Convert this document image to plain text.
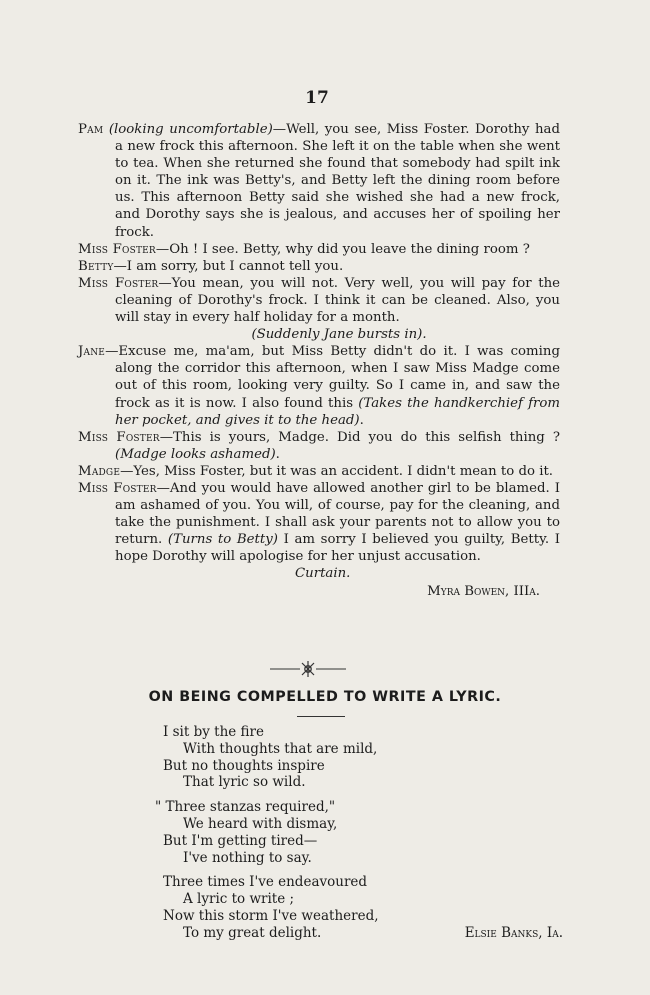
17

Pam (looking uncomfortable)—Well, you see, Miss Foster. Dorothy had a new frock this afternoon. She left it on the table when she went to tea. When she returned she found that somebody had spilt ink on it. The ink was Betty's, and Betty left the dining room before us. This afternoon Betty said she wished she had a new frock, and Dorothy says she is jealous, and accuses her of spoiling her frock.

Miss Foster—Oh ! I see. Betty, why did you leave the dining room ?

Betty—I am sorry, but I cannot tell you.

Miss Foster—You mean, you will not. Very well, you will pay for the cleaning of Dorothy's frock. I think it can be cleaned. Also, you will stay in every half holiday for a month.

(Suddenly Jane bursts in).

Jane—Excuse me, ma'am, but Miss Betty didn't do it. I was coming along the corridor this afternoon, when I saw Miss Madge come out of this room, looking very guilty. So I came in, and saw the frock as it is now. I also found this (Takes the handkerchief from her pocket, and gives it to the head).

Miss Foster—This is yours, Madge. Did you do this selfish thing ? (Madge looks ashamed).

Madge—Yes, Miss Foster, but it was an accident. I didn't mean to do it.

Miss Foster—And you would have allowed another girl to be blamed. I am ashamed of you. You will, of course, pay for the cleaning, and take the punishment. I shall ask your parents not to allow you to return. (Turns to Betty) I am sorry I believed you guilty, Betty. I hope Dorothy will apologise for her unjust accusation.

Curtain.

Myra Bowen, IIIa.

ON BEING COMPELLED TO WRITE A LYRIC.
I sit by the fire
With thoughts that are mild,
But no thoughts inspire
That lyric so wild.
" Three stanzas required,"
We heard with dismay,
But I'm getting tired—
I've nothing to say.
Three times I've endeavoured
A lyric to write ;
Now this storm I've weathered,
To my great delight.	Elsie Banks, Ia.
